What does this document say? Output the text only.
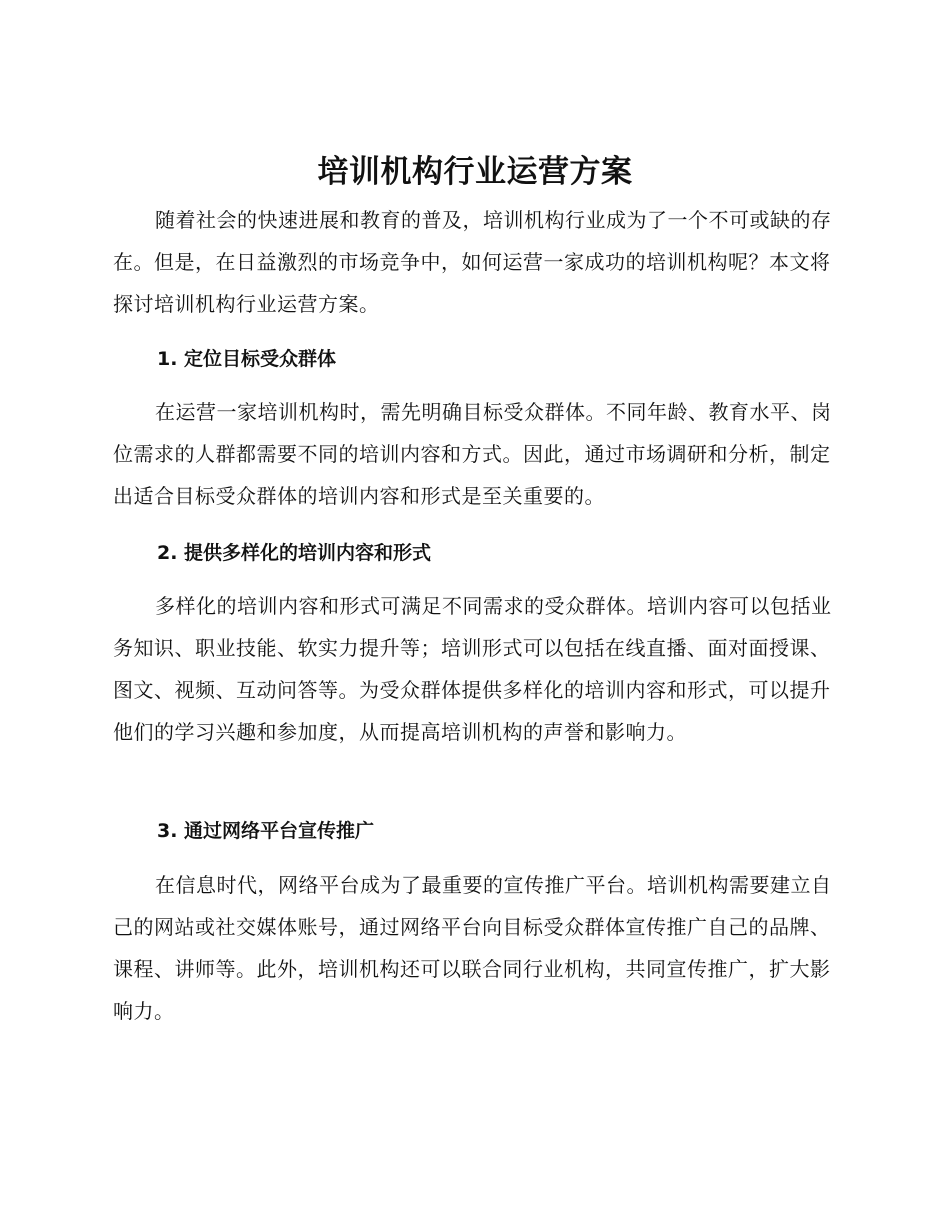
培训机构行业运营方案

随着社会的快速进展和教育的普及，培训机构行业成为了一个不可或缺的存在。但是，在日益激烈的市场竞争中，如何运营一家成功的培训机构呢？本文将探讨培训机构行业运营方案。

1. 定位目标受众群体

在运营一家培训机构时，需先明确目标受众群体。不同年龄、教育水平、岗位需求的人群都需要不同的培训内容和方式。因此，通过市场调研和分析，制定出适合目标受众群体的培训内容和形式是至关重要的。

2. 提供多样化的培训内容和形式

多样化的培训内容和形式可满足不同需求的受众群体。培训内容可以包括业务知识、职业技能、软实力提升等；培训形式可以包括在线直播、面对面授课、图文、视频、互动问答等。为受众群体提供多样化的培训内容和形式，可以提升他们的学习兴趣和参加度，从而提高培训机构的声誉和影响力。

3. 通过网络平台宣传推广

在信息时代，网络平台成为了最重要的宣传推广平台。培训机构需要建立自己的网站或社交媒体账号，通过网络平台向目标受众群体宣传推广自己的品牌、课程、讲师等。此外，培训机构还可以联合同行业机构，共同宣传推广，扩大影响力。
